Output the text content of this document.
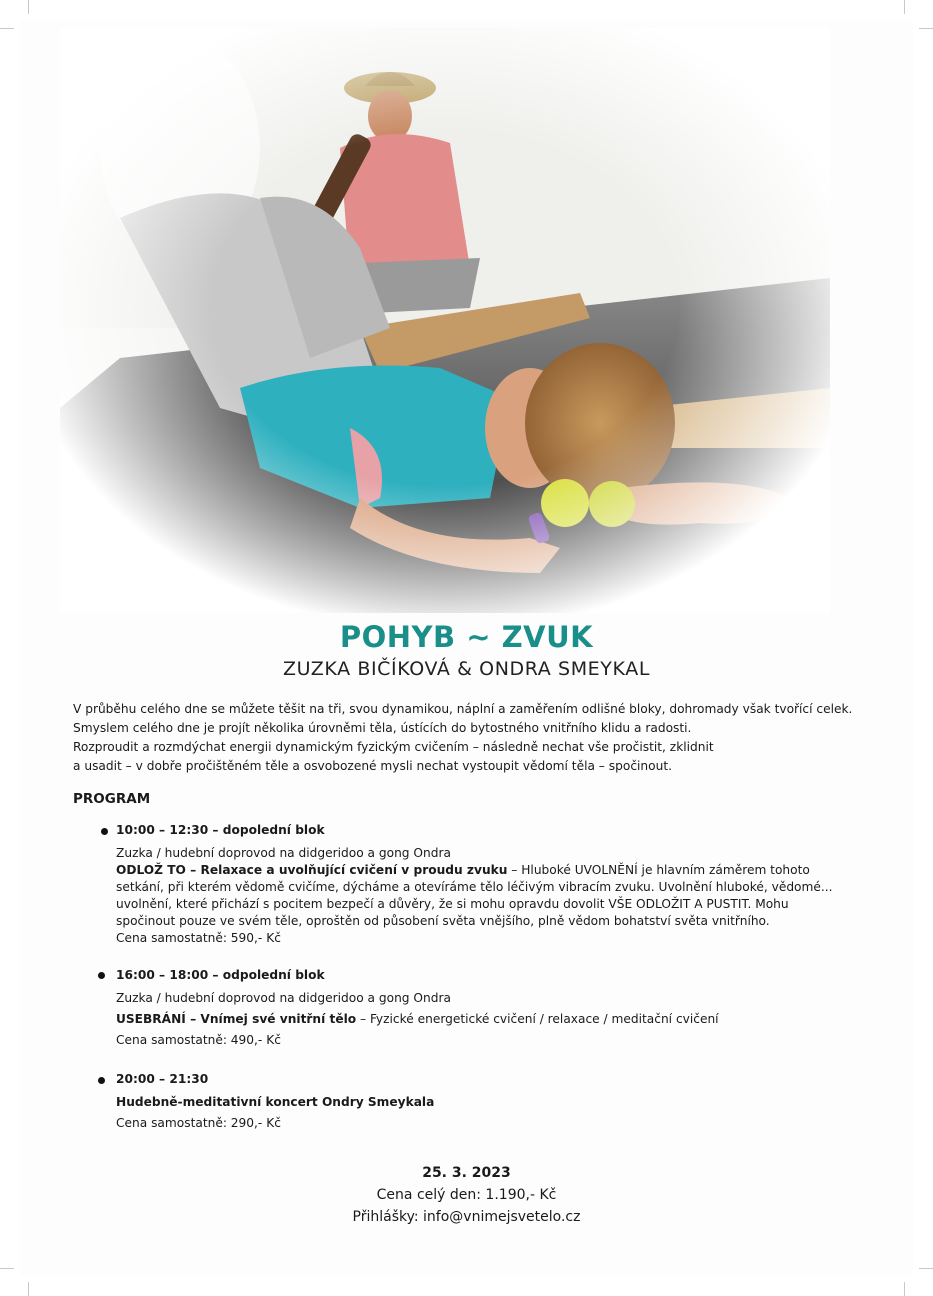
POHYB ~ ZVUK
ZUZKA BIČÍKOVÁ & ONDRA SMEYKAL

V průběhu celého dne se můžete těšit na tři, svou dynamikou, náplní a zaměřením odlišné bloky, dohromady však tvořící celek.

Smyslem celého dne je projít několika úrovněmi těla, ústících do bytostného vnitřního klidu a radosti.

Rozproudit a rozmdýchat energii dynamickým fyzickým cvičením – následně nechat vše pročistit, zklidnit

a usadit – v dobře pročištěném těle a osvobozené mysli nechat vystoupit vědomí těla – spočinout.

PROGRAM
10:00 – 12:30 – dopolední blok
Zuzka / hudební doprovod na didgeridoo a gong Ondra
ODLOŽ TO – Relaxace a uvolňující cvičení v proudu zvuku – Hluboké UVOLNĚNÍ je hlavním záměrem tohoto setkání, při kterém vědomě cvičíme, dýcháme a otevíráme tělo léčivým vibracím zvuku. Uvolnění hluboké, vědomé... uvolnění, které přichází s pocitem bezpečí a důvěry, že si mohu opravdu dovolit VŠE ODLOŽIT A PUSTIT. Mohu spočinout pouze ve svém těle, oproštěn od působení světa vnějšího, plně vědom bohatství světa vnitřního.
Cena samostatně: 590,- Kč
16:00 – 18:00 – odpolední blok
Zuzka / hudební doprovod na didgeridoo a gong Ondra
USEBRÁNÍ – Vnímej své vnitřní tělo – Fyzické energetické cvičení / relaxace / meditační cvičení
Cena samostatně: 490,- Kč
20:00 – 21:30
Hudebně-meditativní koncert Ondry Smeykala
Cena samostatně: 290,- Kč
25. 3. 2023
Cena celý den: 1.190,- Kč
Přihlášky: info@vnimejsvetelo.cz
